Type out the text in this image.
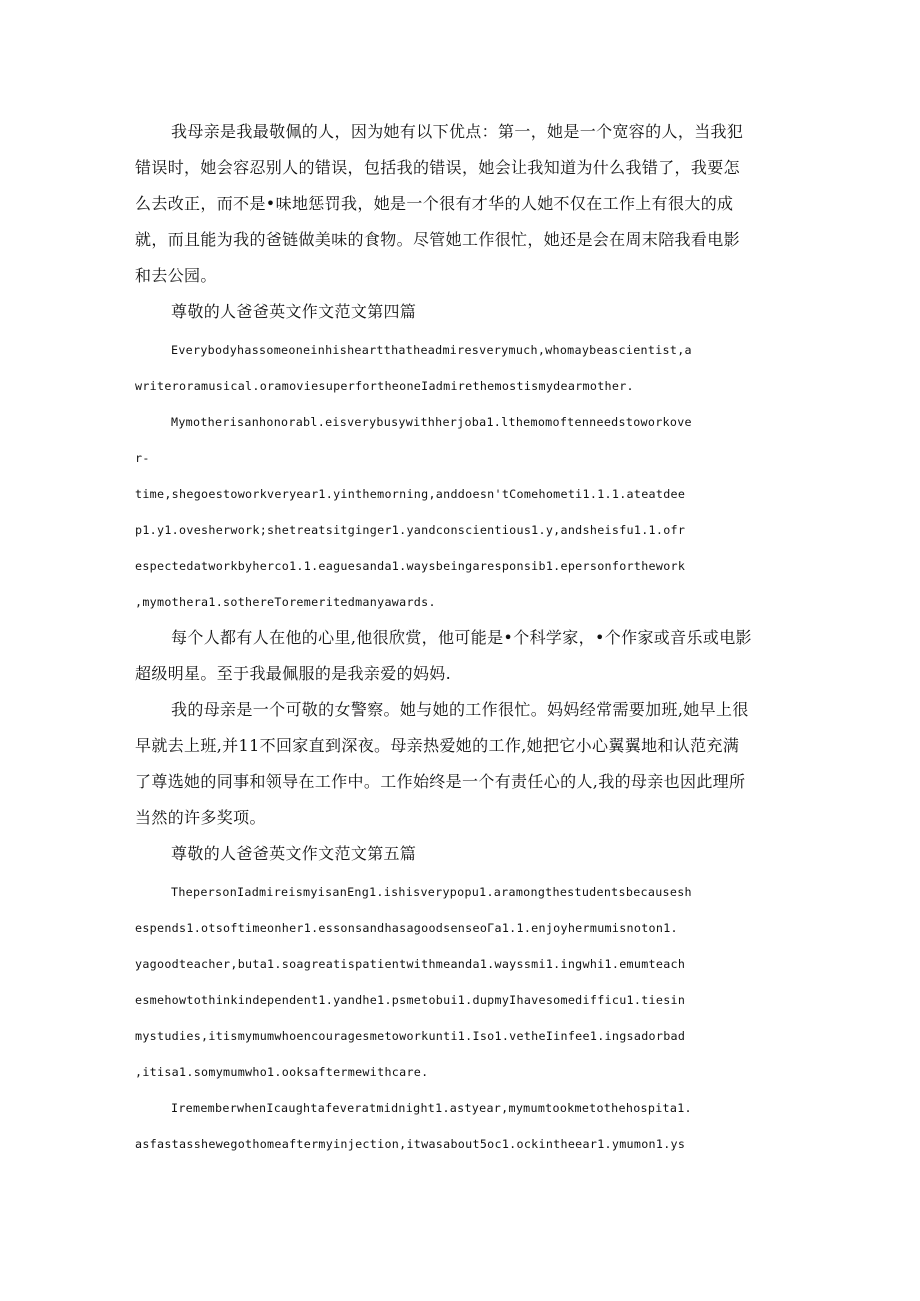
我母亲是我最敬佩的人，因为她有以下优点：第一，她是一个宽容的人，当我犯
错误时，她会容忍别人的错误，包括我的错误，她会让我知道为什么我错了，我要怎
么去改正，而不是•味地惩罚我，她是一个很有才华的人她不仅在工作上有很大的成
就，而且能为我的爸链做美味的食物。尽管她工作很忙，她还是会在周末陪我看电影
和去公园。
尊敬的人爸爸英文作文范文第四篇
Everybodyhassomeoneinhisheartthatheadmiresverymuch,whomaybeascientist,a
writeroramusical.oramoviesuperfortheoneIadmirethemostismydearmother.
Mymotherisanhonorabl.eisverybusywithherjoba1.lthemomoftenneedstoworkove
r-
time,shegoestoworkveryear1.yinthemorning,anddoesn'tComehometi1.1.1.ateatdee
p1.y1.ovesherwork;shetreatsitginger1.yandconscientious1.y,andsheisfu1.1.ofr
espectedatworkbyherco1.1.eaguesanda1.waysbeingaresponsib1.epersonforthework
,mymothera1.sothereToremeritedmanyawards.
每个人都有人在他的心里,他很欣赏，他可能是•个科学家，•个作家或音乐或电影
超级明星。至于我最佩服的是我亲爱的妈妈.
我的母亲是一个可敬的女警察。她与她的工作很忙。妈妈经常需要加班,她早上很
早就去上班,并11不回家直到深夜。母亲热爱她的工作,她把它小心翼翼地和认范充满
了尊选她的同事和领导在工作中。工作始终是一个有责任心的人,我的母亲也因此理所
当然的许多奖项。
尊敬的人爸爸英文作文范文第五篇
ThepersonIadmireismyisanEng1.ishisverypopu1.aramongthestudentsbecausesh
espends1.otsoftimeonher1.essonsandhasagoodsenseoΓa1.1.enjoyhermumisnoton1.
yagoodteacher,buta1.soagreatispatientwithmeanda1.wayssmi1.ingwhi1.emumteach
esmehowtothinkindependent1.yandhe1.psmetobui1.dupmyIhavesomedifficu1.tiesin
mystudies,itismymumwhoencouragesmetoworkunti1.Iso1.vetheIinfee1.ingsadorbad
,itisa1.somymumwho1.ooksaftermewithcare.
IrememberwhenIcaughtafeveratmidnight1.astyear,mymumtookmetothehospita1.
asfastasshewegothomeaftermyinjection,itwasabout5oc1.ockintheear1.ymumon1.ys
